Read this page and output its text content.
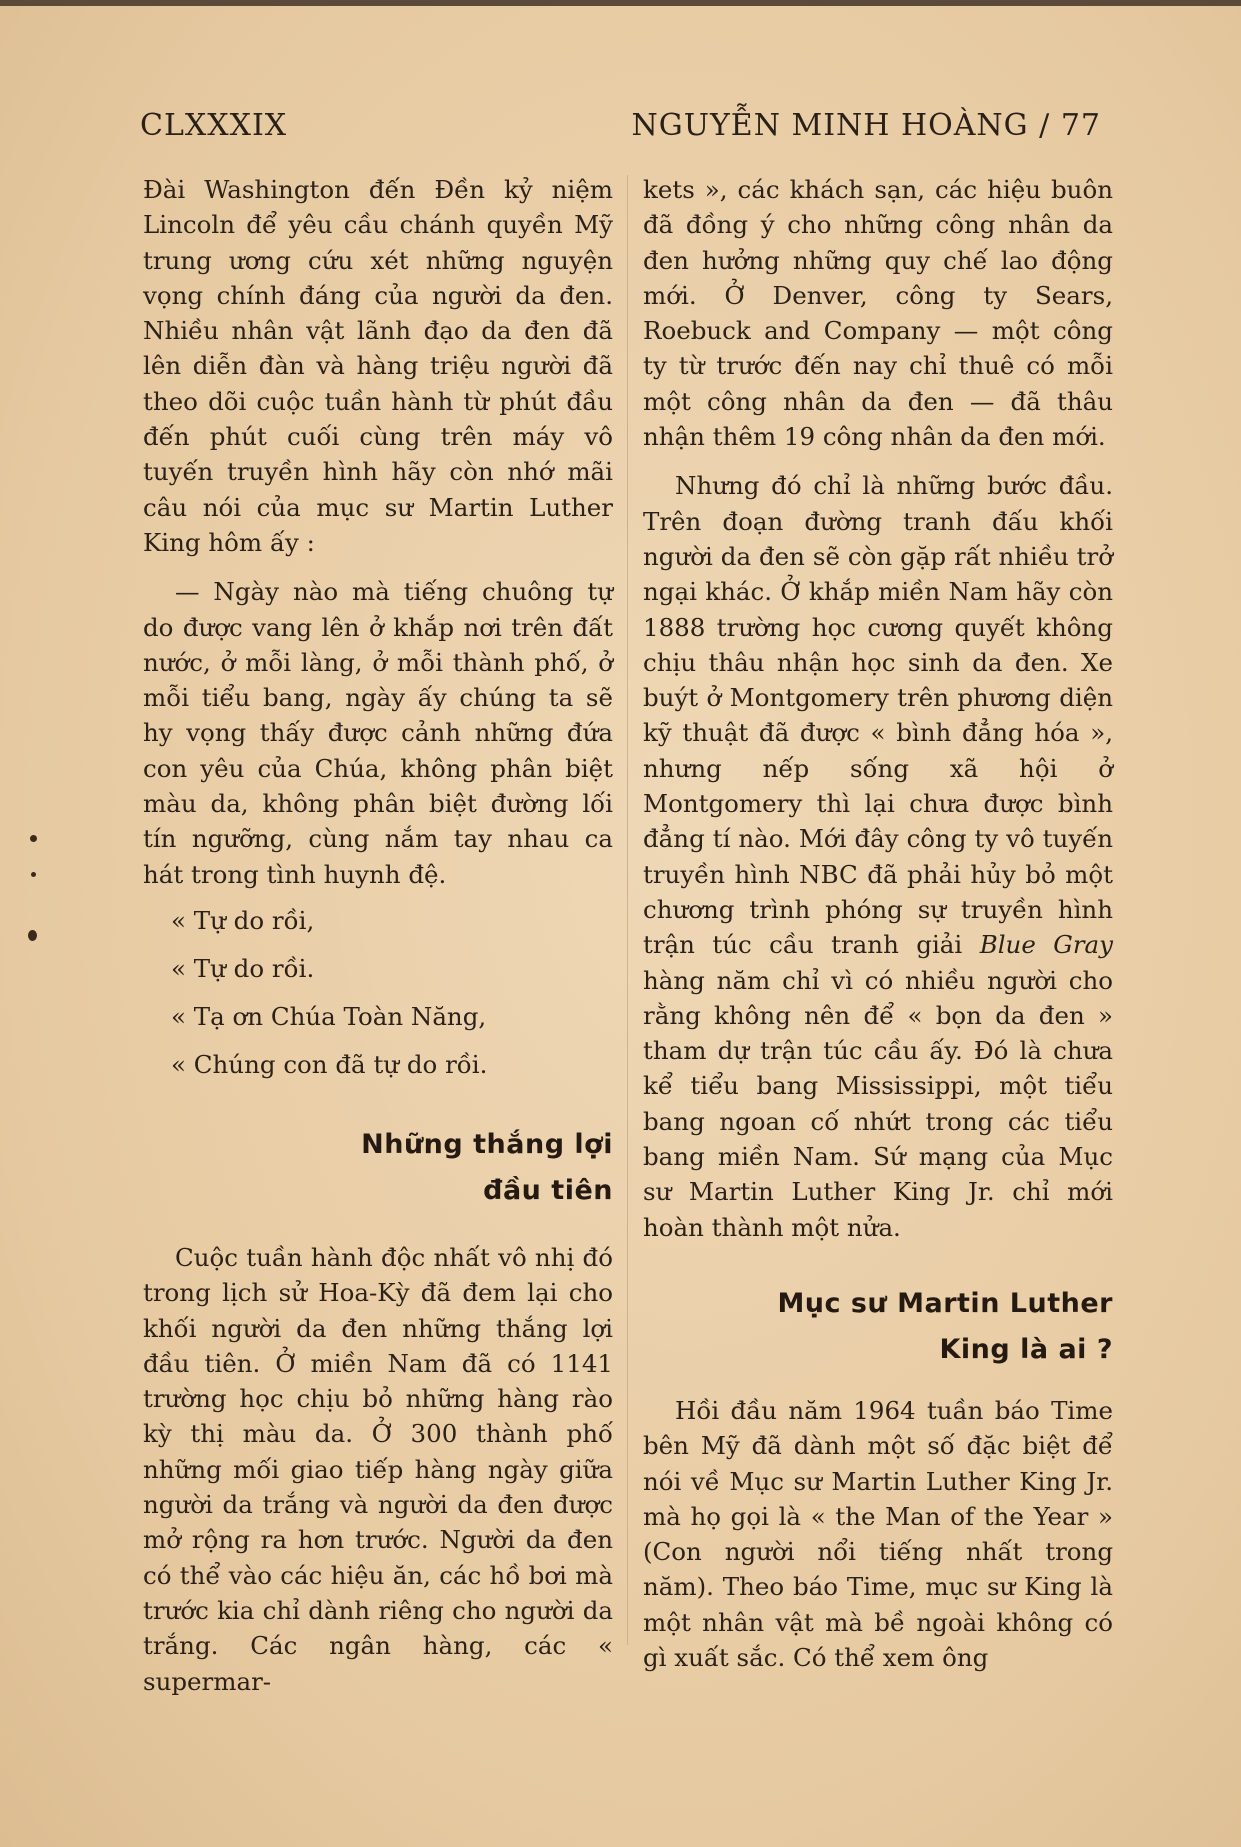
CLXXXIX	NGUYỄN MINH HOÀNG / 77

Đài Washington đến Đền kỷ niệm Lincoln để yêu cầu chánh quyền Mỹ trung ương cứu xét những nguyện vọng chính đáng của người da đen. Nhiều nhân vật lãnh đạo da đen đã lên diễn đàn và hàng triệu người đã theo dõi cuộc tuần hành từ phút đầu đến phút cuối cùng trên máy vô tuyến truyền hình hãy còn nhớ mãi câu nói của mục sư Martin Luther King hôm ấy :

— Ngày nào mà tiếng chuông tự do được vang lên ở khắp nơi trên đất nước, ở mỗi làng, ở mỗi thành phố, ở mỗi tiểu bang, ngày ấy chúng ta sẽ hy vọng thấy được cảnh những đứa con yêu của Chúa, không phân biệt màu da, không phân biệt đường lối tín ngưỡng, cùng nắm tay nhau ca hát trong tình huynh đệ.

« Tự do rồi,

« Tự do rồi.

« Tạ ơn Chúa Toàn Năng,

« Chúng con đã tự do rồi.

Những thắng lợi
đầu tiên

Cuộc tuần hành độc nhất vô nhị đó trong lịch sử Hoa-Kỳ đã đem lại cho khối người da đen những thắng lợi đầu tiên. Ở miền Nam đã có 1141 trường học chịu bỏ những hàng rào kỳ thị màu da. Ở 300 thành phố những mối giao tiếp hàng ngày giữa người da trắng và người da đen được mở rộng ra hơn trước. Người da đen có thể vào các hiệu ăn, các hồ bơi mà trước kia chỉ dành riêng cho người da trắng. Các ngân hàng, các « supermar-

kets », các khách sạn, các hiệu buôn đã đồng ý cho những công nhân da đen hưởng những quy chế lao động mới. Ở Denver, công ty Sears, Roebuck and Company — một công ty từ trước đến nay chỉ thuê có mỗi một công nhân da đen — đã thâu nhận thêm 19 công nhân da đen mới.

Nhưng đó chỉ là những bước đầu. Trên đoạn đường tranh đấu khối người da đen sẽ còn gặp rất nhiều trở ngại khác. Ở khắp miền Nam hãy còn 1888 trường học cương quyết không chịu thâu nhận học sinh da đen. Xe buýt ở Montgomery trên phương diện kỹ thuật đã được « bình đẳng hóa », nhưng nếp sống xã hội ở Montgomery thì lại chưa được bình đẳng tí nào. Mới đây công ty vô tuyến truyền hình NBC đã phải hủy bỏ một chương trình phóng sự truyền hình trận túc cầu tranh giải Blue Gray hàng năm chỉ vì có nhiều người cho rằng không nên để « bọn da đen » tham dự trận túc cầu ấy. Đó là chưa kể tiểu bang Mississippi, một tiểu bang ngoan cố nhứt trong các tiểu bang miền Nam. Sứ mạng của Mục sư Martin Luther King Jr. chỉ mới hoàn thành một nửa.

Mục sư Martin Luther
King là ai ?

Hồi đầu năm 1964 tuần báo Time bên Mỹ đã dành một số đặc biệt để nói về Mục sư Martin Luther King Jr. mà họ gọi là « the Man of the Year » (Con người nổi tiếng nhất trong năm). Theo báo Time, mục sư King là một nhân vật mà bề ngoài không có gì xuất sắc. Có thể xem ông
